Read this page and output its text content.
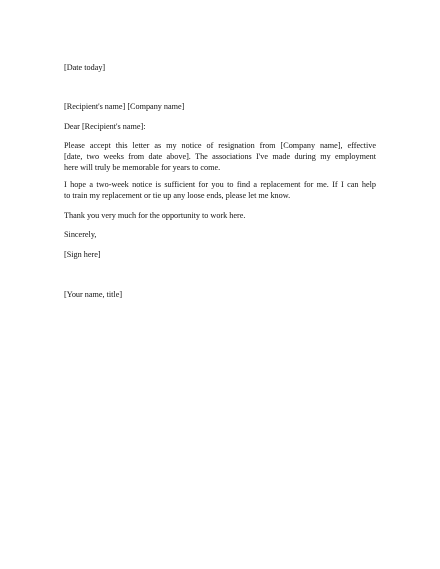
[Date today]
[Recipient's name] [Company name]
Dear [Recipient's name]:
Please accept this letter as my notice of resignation from [Company name], effective
[date, two weeks from date above]. The associations I've made during my employment
here will truly be memorable for years to come.
I hope a two-week notice is sufficient for you to find a replacement for me. If I can help
to train my replacement or tie up any loose ends, please let me know.
Thank you very much for the opportunity to work here.
Sincerely,
[Sign here]
[Your name, title]
